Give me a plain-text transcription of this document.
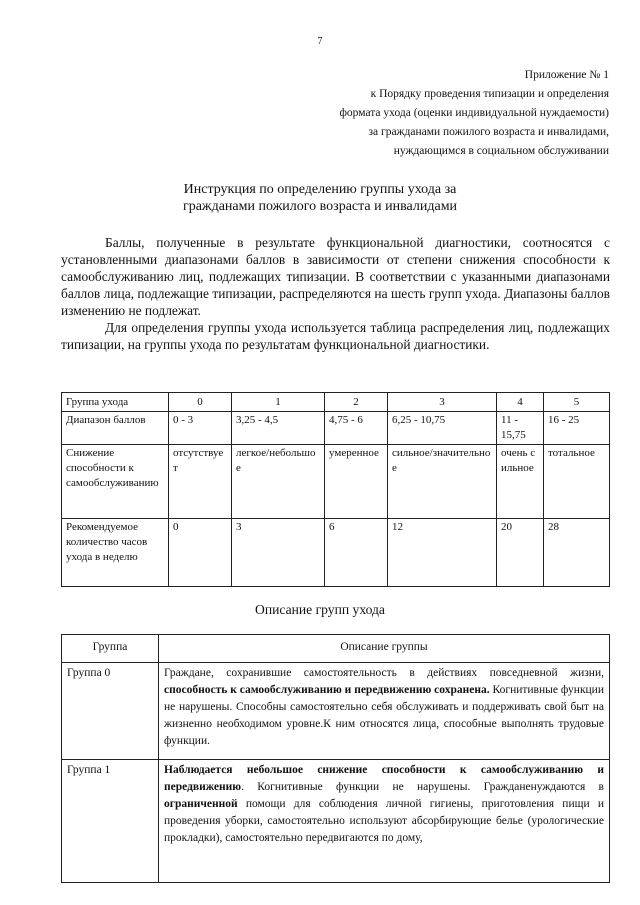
7
Приложение № 1
к Порядку проведения типизации и определения
формата ухода (оценки индивидуальной нуждаемости)
за гражданами пожилого возраста и инвалидами,
нуждающимся в социальном обслуживании
Инструкция по определению группы ухода за
гражданами пожилого возраста и инвалидами

Баллы, полученные в результате функциональной диагностики, соотносятся с установленными диапазонами баллов в зависимости от степени снижения способности к самообслуживанию лиц, подлежащих типизации. В соответствии с указанными диапазонами баллов лица, подлежащие типизации, распределяются на шесть групп ухода. Диапазоны баллов изменению не подлежат.

Для определения группы ухода используется таблица распределения лиц, подлежащих типизации, на группы ухода по результатам функциональной диагностики.

Группа ухода	0	1	2	3	4	5
Диапазон баллов	0 - 3	3,25 - 4,5	4,75 - 6	6,25 - 10,75	11 - 15,75	16 - 25
Снижение способности к самообслуживанию	отсутствует	легкое/небольшое	умеренное	сильное/значительное	очень сильное	тотальное
Рекомендуемое количество часов ухода в неделю	0	3	6	12	20	28
Описание групп ухода
Группа	Описание группы
Группа 0	Граждане, сохранившие самостоятельность в действиях повседневной жизни, способность к самообслуживанию и передвижению сохранена. Когнитивные функции не нарушены. Способны самостоятельно себя обслуживать и поддерживать свой быт на жизненно необходимом уровне.К ним относятся лица, способные выполнять трудовые функции.
Группа 1	Наблюдается небольшое снижение способности к самообслуживанию и передвижению. Когнитивные функции не нарушены. Гражданенуждаются в ограниченной помощи для соблюдения личной гигиены, приготовления пищи и проведения уборки, самостоятельно используют абсорбирующие белье (урологические прокладки), самостоятельно передвигаются по дому,
